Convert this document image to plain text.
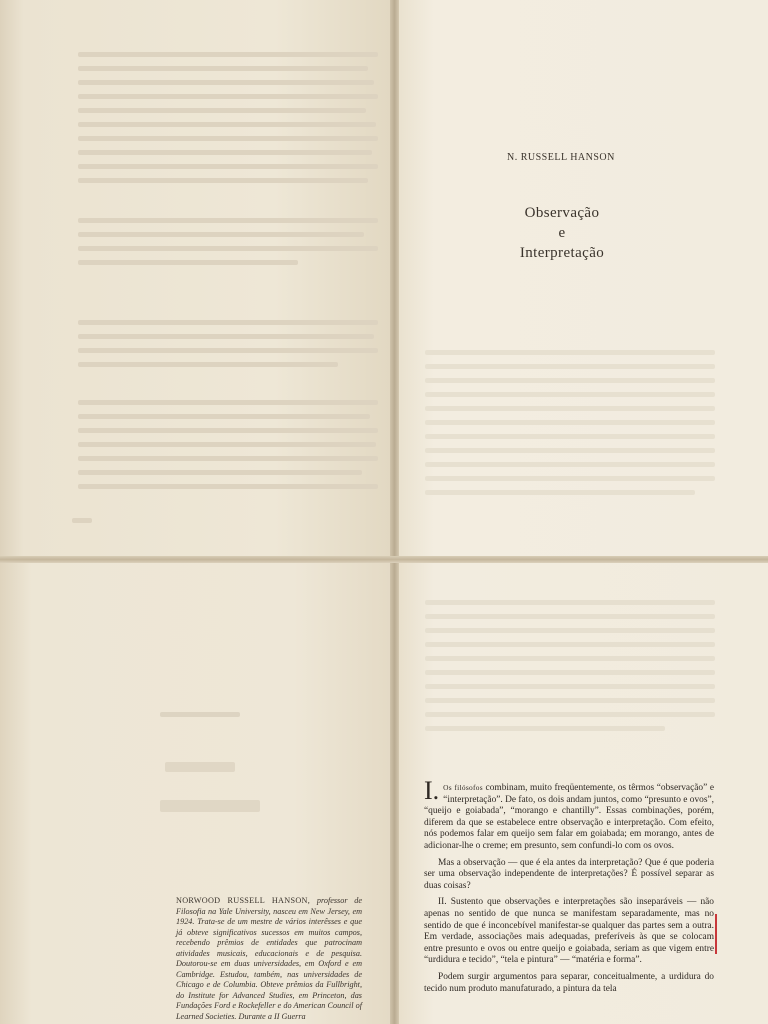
N. RUSSELL HANSON
Observação
e
Interpretação
NORWOOD RUSSELL HANSON, professor de Filosofia na Yale University, nasceu em New Jersey, em 1924. Trata-se de um mestre de vários interêsses e que já obteve significativos sucessos em muitos campos, recebendo prêmios de entidades que patrocinam atividades musicais, educacionais e de pesquisa. Doutorou-se em duas universidades, em Oxford e em Cambridge. Estudou, também, nas universidades de Chicago e de Columbia. Obteve prêmios da Fullbright, do Institute for Advanced Studies, em Princeton, das Fundações Ford e Rockefeller e do American Council of Learned Societies. Durante a II Guerra

I. Os filósofos combinam, muito freqüentemente, os têrmos “observação” e “interpretação”. De fato, os dois andam juntos, como “presunto e ovos”, “queijo e goiabada”, “morango e chantilly”. Essas combinações, porém, diferem da que se estabelece entre observação e interpretação. Com efeito, nós podemos falar em queijo sem falar em goiabada; em morango, antes de adicionar-lhe o creme; em presunto, sem confundi-lo com os ovos.

Mas a observação — que é ela antes da interpretação? Que é que poderia ser uma observação independente de interpretações? É possível separar as duas coisas?

II. Sustento que observações e interpretações são inseparáveis — não apenas no sentido de que nunca se manifestam separadamente, mas no sentido de que é inconcebível manifestar-se qualquer das partes sem a outra. Em verdade, associações mais adequadas, preferíveis às que se colocam entre presunto e ovos ou entre queijo e goiabada, seriam as que vigem entre “urdidura e tecido”, “tela e pintura” — “matéria e forma”.

Podem surgir argumentos para separar, conceitualmente, a urdidura do tecido num produto manufaturado, a pintura da tela
